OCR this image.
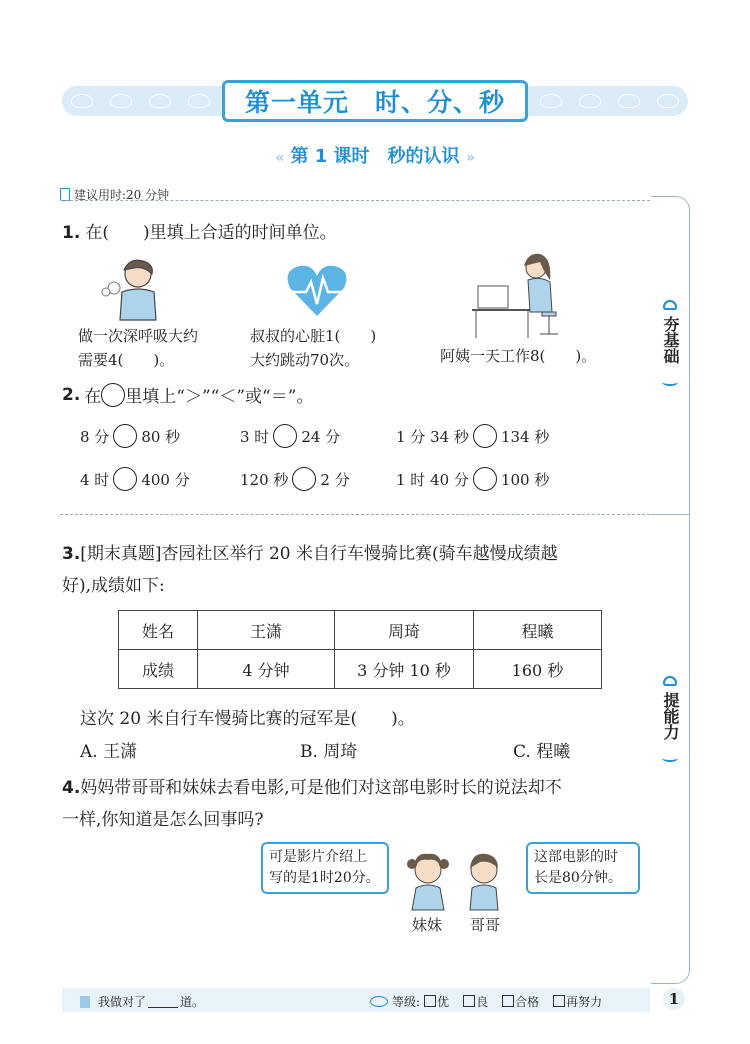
第一单元　时、分、秒
« 第 1 课时　秒的认识 »
建议用时:20 分钟
夯基础
提能力
1. 在(　　)里填上合适的时间单位。
做一次深呼吸大约
需要4(　　)。
叔叔的心脏1(　　)
大约跳动70次。	阿姨一天工作8(　　)。
2. 在 里填上“＞”“＜”或“＝”。
8 分 80 秒	3 时 24 分	1 分 34 秒 134 秒
4 时 400 分	120 秒 2 分	1 时 40 分 100 秒
3.[期末真题]杏园社区举行 20 米自行车慢骑比赛(骑车越慢成绩越
好),成绩如下:
姓名	王潇	周琦	程曦
成绩	4 分钟	3 分钟 10 秒	160 秒
这次 20 米自行车慢骑比赛的冠军是(　　)。
A. 王潇	B. 周琦	C. 程曦
4.妈妈带哥哥和妹妹去看电影,可是他们对这部电影时长的说法却不
一样,你知道是怎么回事吗?
可是影片介绍上
写的是1时20分。
这部电影的时
长是80分钟。
妹妹 哥哥
我做对了	道。	等级:	优	良	合格	再努力	1
